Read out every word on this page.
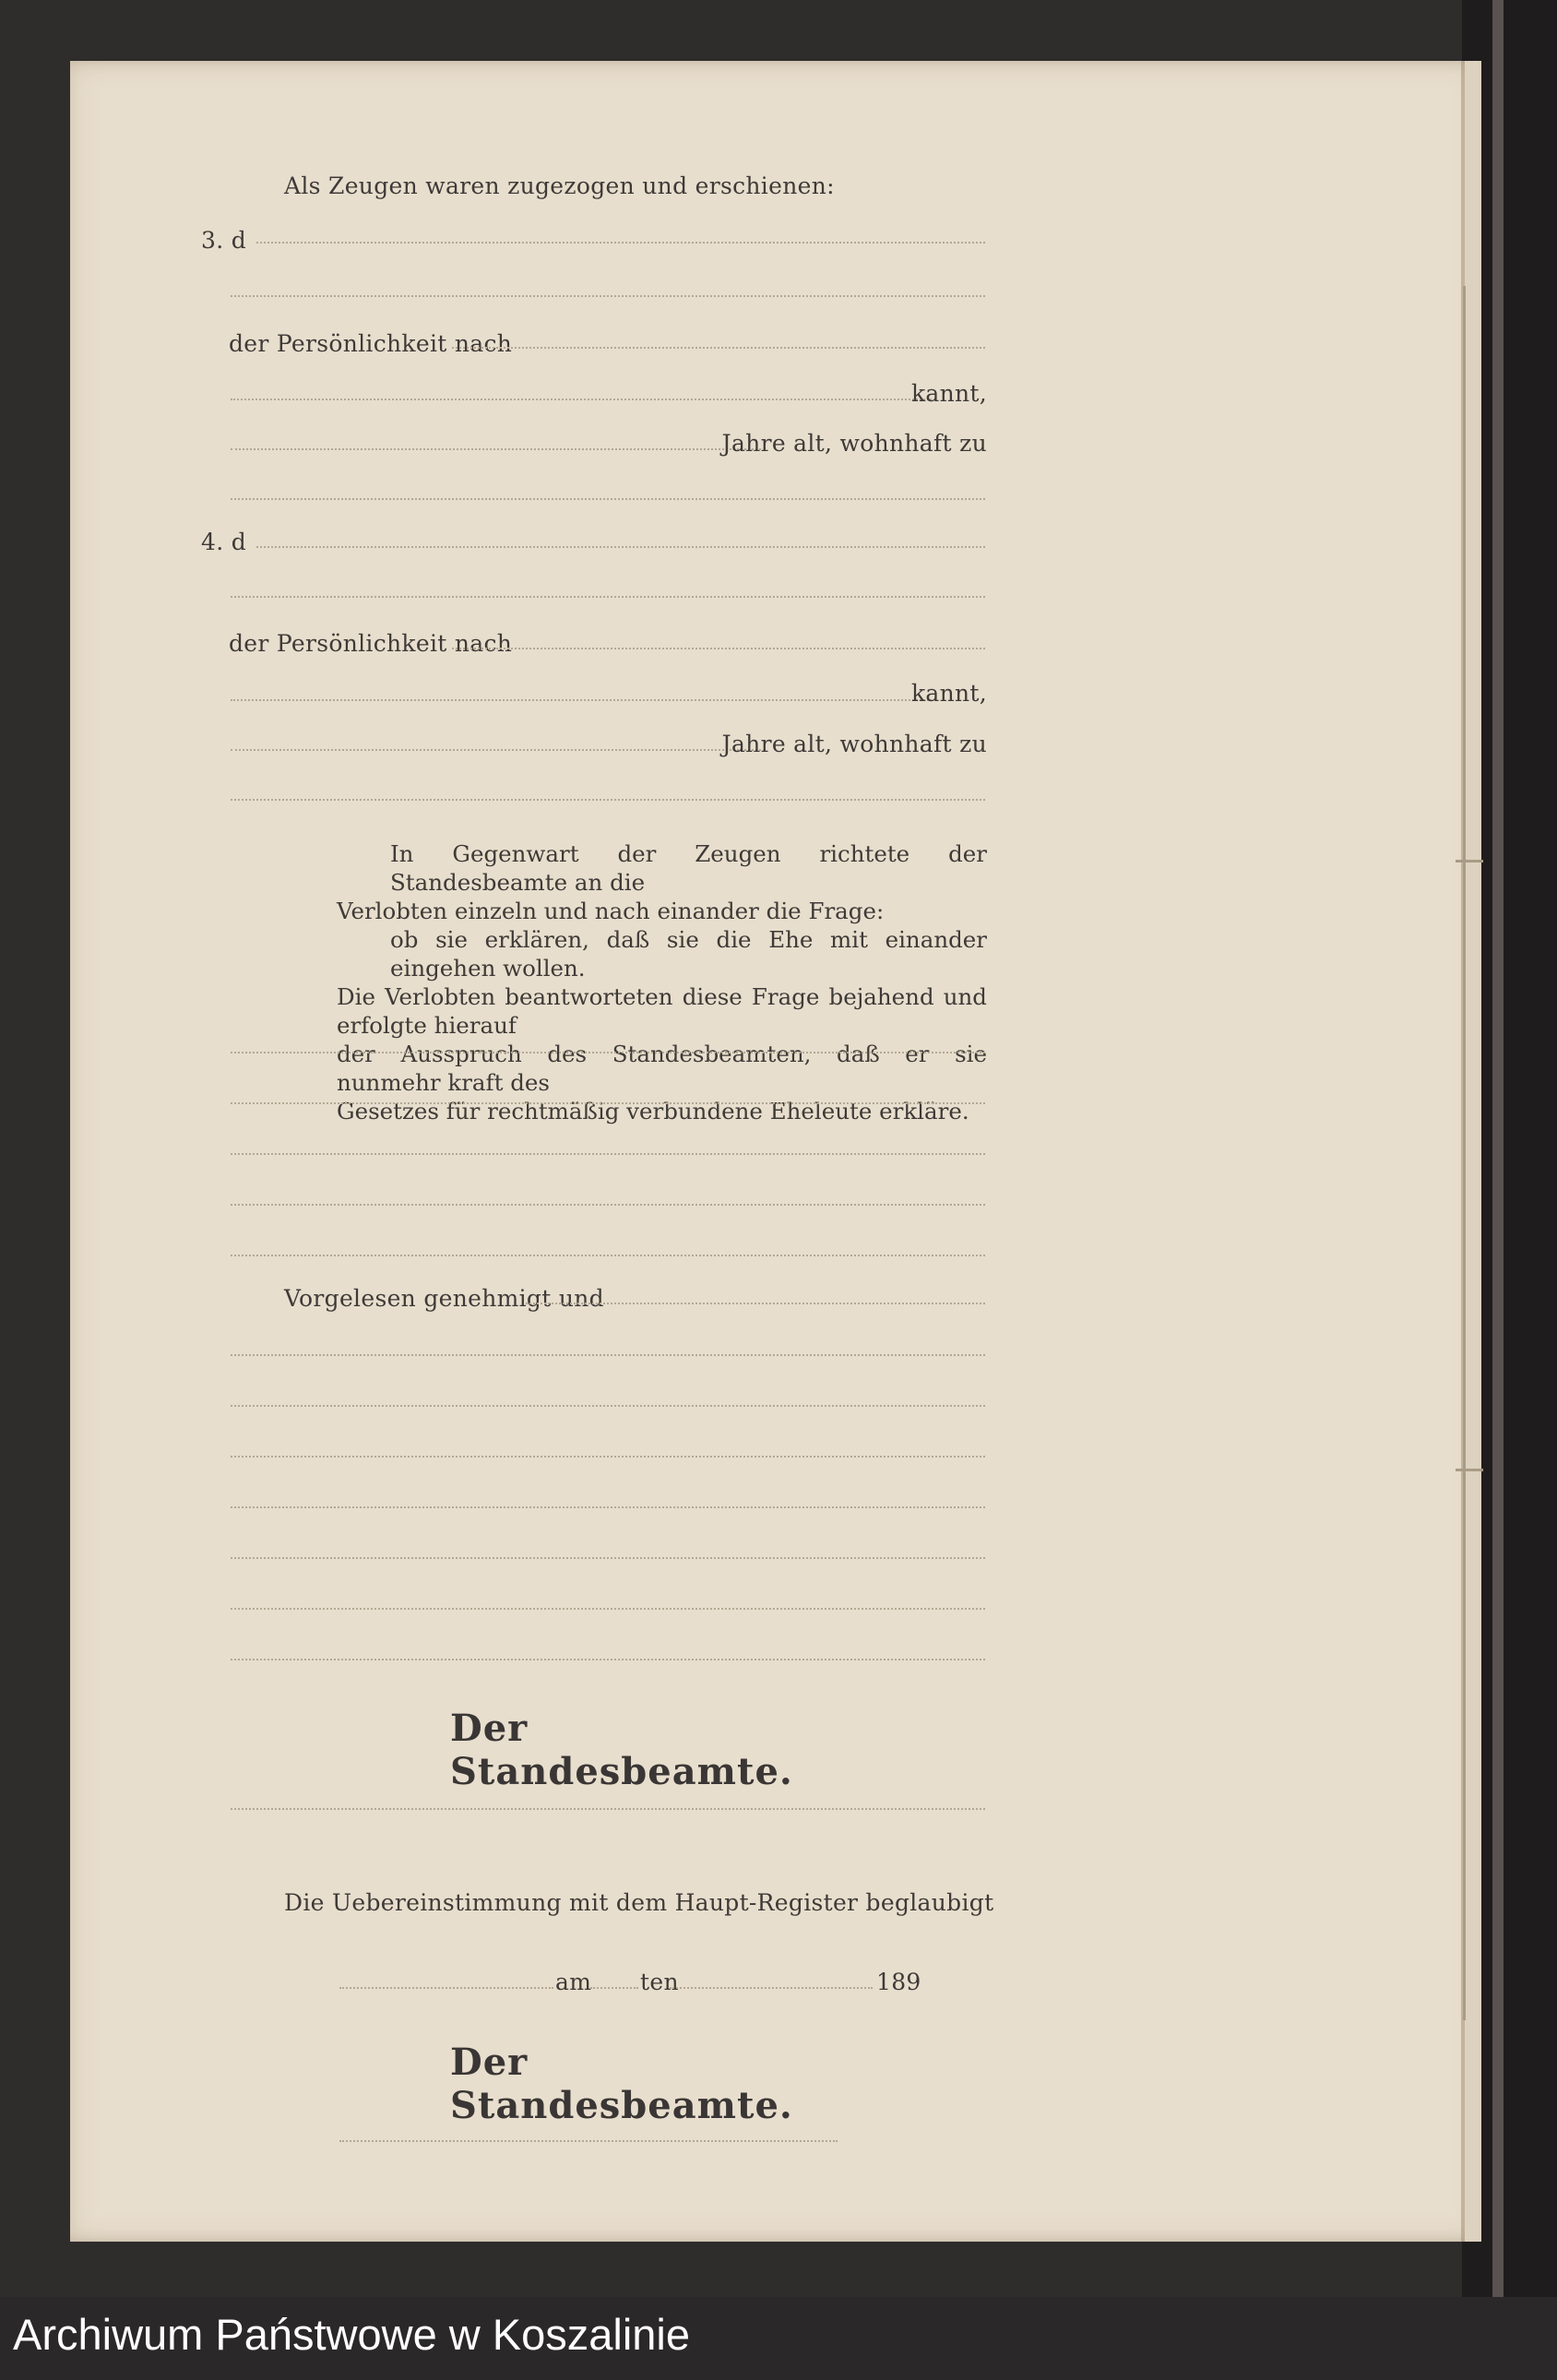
Als Zeugen waren zugezogen und erschienen:
3. d
der Persönlichkeit nach
kannt,
Jahre alt, wohnhaft zu
4. d
der Persönlichkeit nach
kannt,
Jahre alt, wohnhaft zu
In Gegenwart der Zeugen richtete der Standesbeamte an die
Verlobten einzeln und nach einander die Frage:
ob sie erklären, daß sie die Ehe mit einander eingehen wollen.
Die Verlobten beantworteten diese Frage bejahend und erfolgte hierauf
der Ausspruch des Standesbeamten, daß er sie nunmehr kraft des
Gesetzes für rechtmäßig verbundene Eheleute erkläre.
Vorgelesen genehmigt und
Der Standesbeamte.
Die Uebereinstimmung mit dem Haupt-Register beglaubigt
am ten	189
Der Standesbeamte.
Archiwum Państwowe w Koszalinie
